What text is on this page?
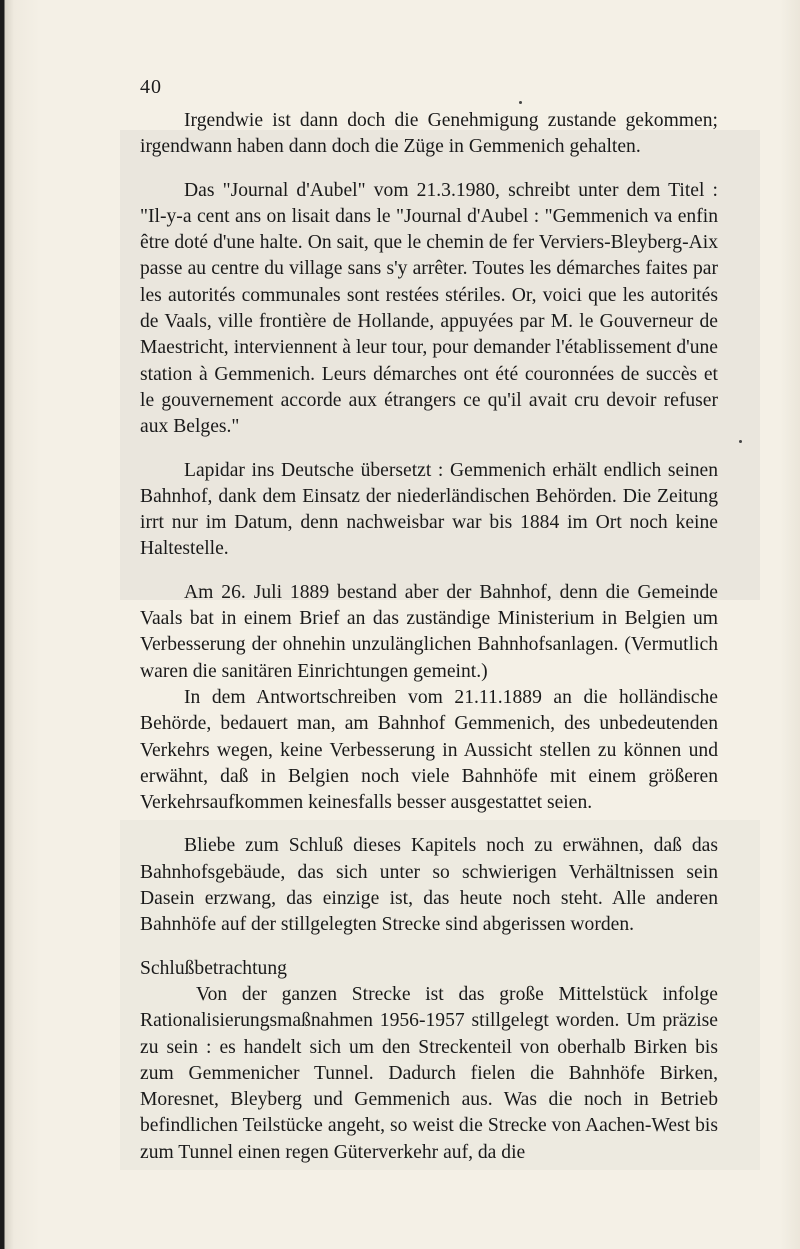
40

Irgendwie ist dann doch die Genehmigung zustande gekommen; irgendwann haben dann doch die Züge in Gemmenich gehalten.

Das "Journal d'Aubel" vom 21.3.1980, schreibt unter dem Titel : "Il-y-a cent ans on lisait dans le "Journal d'Aubel : "Gemmenich va enfin être doté d'une halte. On sait, que le chemin de fer Verviers-Bleyberg-Aix passe au centre du village sans s'y arrêter. Toutes les démarches faites par les autorités communales sont restées stériles. Or, voici que les autorités de Vaals, ville frontière de Hollande, appuyées par M. le Gouverneur de Maestricht, interviennent à leur tour, pour demander l'établissement d'une station à Gemmenich. Leurs démarches ont été couronnées de succès et le gouvernement accorde aux étrangers ce qu'il avait cru devoir refuser aux Belges."

Lapidar ins Deutsche übersetzt : Gemmenich erhält endlich seinen Bahnhof, dank dem Einsatz der niederländischen Behörden. Die Zeitung irrt nur im Datum, denn nachweisbar war bis 1884 im Ort noch keine Haltestelle.

Am 26. Juli 1889 bestand aber der Bahnhof, denn die Gemeinde Vaals bat in einem Brief an das zuständige Ministerium in Belgien um Verbesserung der ohnehin unzulänglichen Bahnhofsanlagen. (Vermutlich waren die sanitären Einrichtungen gemeint.)

In dem Antwortschreiben vom 21.11.1889 an die holländische Behörde, bedauert man, am Bahnhof Gemmenich, des unbedeutenden Verkehrs wegen, keine Verbesserung in Aussicht stellen zu können und erwähnt, daß in Belgien noch viele Bahnhöfe mit einem größeren Verkehrsaufkommen keinesfalls besser ausgestattet seien.

Bliebe zum Schluß dieses Kapitels noch zu erwähnen, daß das Bahnhofsgebäude, das sich unter so schwierigen Verhältnissen sein Dasein erzwang, das einzige ist, das heute noch steht. Alle anderen Bahnhöfe auf der stillgelegten Strecke sind abgerissen worden.

Schlußbetrachtung

Von der ganzen Strecke ist das große Mittelstück infolge Rationalisierungsmaßnahmen 1956-1957 stillgelegt worden. Um präzise zu sein : es handelt sich um den Streckenteil von oberhalb Birken bis zum Gemmenicher Tunnel. Dadurch fielen die Bahnhöfe Birken, Moresnet, Bleyberg und Gemmenich aus. Was die noch in Betrieb befindlichen Teilstücke angeht, so weist die Strecke von Aachen-West bis zum Tunnel einen regen Güterverkehr auf, da die
